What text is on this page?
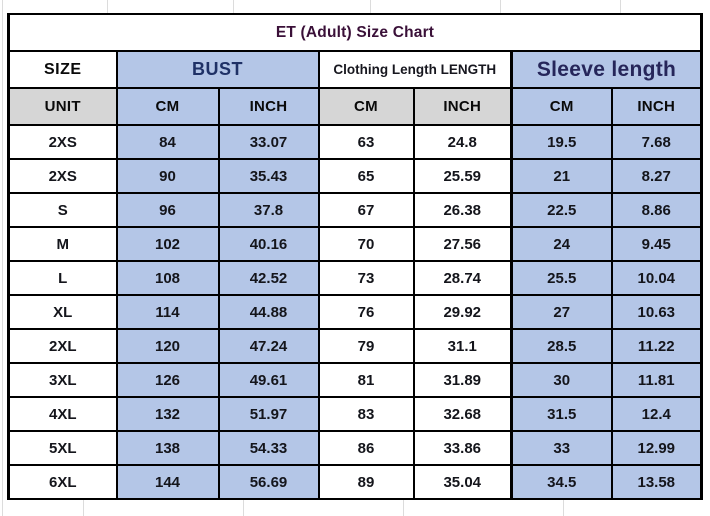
ET (Adult) Size Chart						
SIZE	BUST		Clothing Length LENGTH		Sleeve length	
UNIT	CM	INCH	CM	INCH	CM	INCH
2XS	84	33.07	63	24.8	19.5	7.68
2XS	90	35.43	65	25.59	21	8.27
S	96	37.8	67	26.38	22.5	8.86
M	102	40.16	70	27.56	24	9.45
L	108	42.52	73	28.74	25.5	10.04
XL	114	44.88	76	29.92	27	10.63
2XL	120	47.24	79	31.1	28.5	11.22
3XL	126	49.61	81	31.89	30	11.81
4XL	132	51.97	83	32.68	31.5	12.4
5XL	138	54.33	86	33.86	33	12.99
6XL	144	56.69	89	35.04	34.5	13.58
